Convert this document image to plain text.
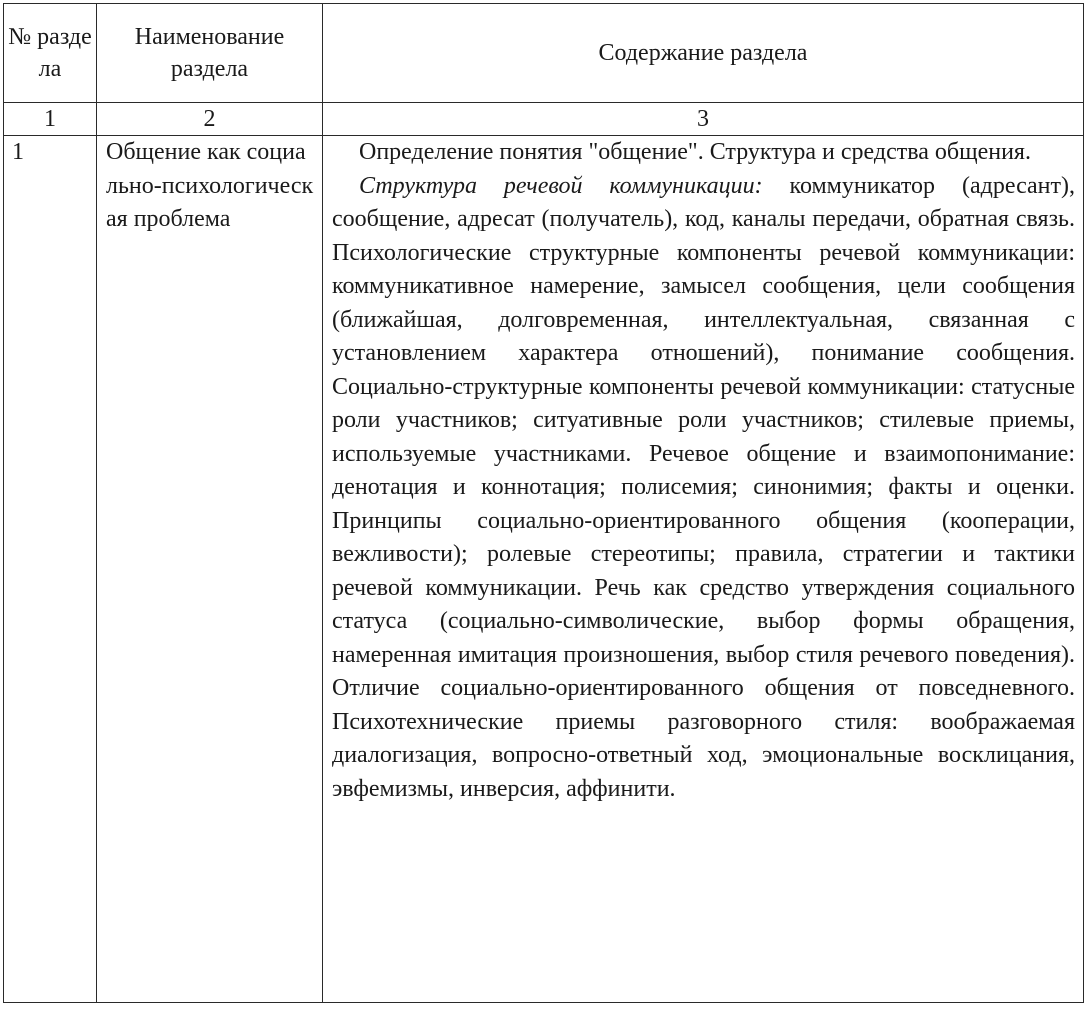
№ раздела	Наименование раздела	Содержание раздела

1	2	3
1	Общение как социально-психологическая проблема	Определение понятия "общение". Структура и средства общения.
Структура речевой коммуникации: коммуникатор (адресант), сообщение, адресат (получатель), код, каналы передачи, обратная связь. Психологические структурные компоненты речевой коммуникации: коммуникативное намерение, замысел сообщения, цели сообщения (ближайшая, долговременная, интеллектуальная, связанная с установлением характера отношений), понимание сообщения. Социально-структурные компоненты речевой коммуникации: статусные роли участников; ситуативные роли участников; стилевые приемы, используемые участниками. Речевое общение и взаимопонимание: денотация и коннотация; полисемия; синонимия; факты и оценки. Принципы социально-ориентированного общения (кооперации, вежливости); ролевые стереотипы; правила, стратегии и тактики речевой коммуникации. Речь как средство утверждения социального статуса (социально-символические, выбор формы обращения, намеренная имитация произношения, выбор стиля речевого поведения). Отличие социально-ориентированного общения от повседневного. Психотехнические приемы разговорного стиля: воображаемая диалогизация, вопросно-ответный ход, эмоциональные восклицания, эвфемизмы, инверсия, аффинити.
